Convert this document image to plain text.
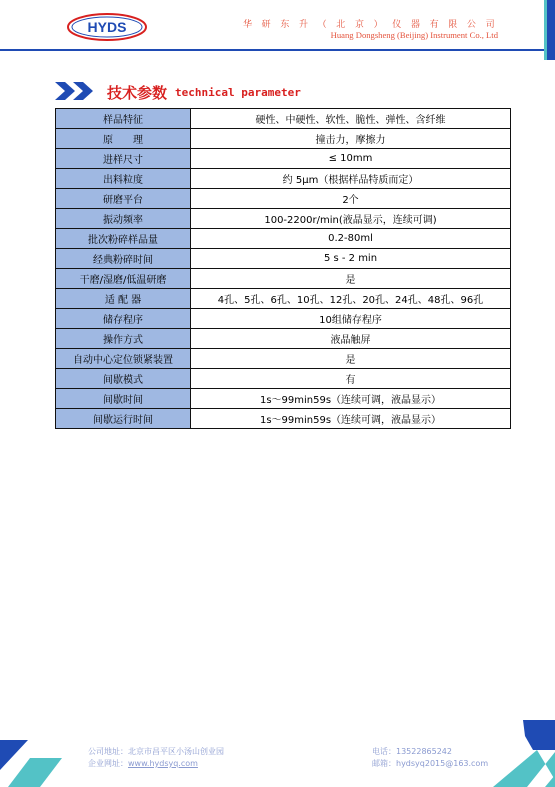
HYDS	华 研 东 升 （ 北 京 ） 仪 器 有 限 公 司
Huang Dongsheng (Beijing) Instrument Co., Ltd
技术参数 technical parameter
样品特征	硬性、中硬性、软性、脆性、弹性、含纤维
原　　理	撞击力，摩擦力
进样尺寸	≤ 10mm
出料粒度	约 5μm（根据样品特质而定）
研磨平台	2个
振动频率	100-2200r/min(液晶显示，连续可调)
批次粉碎样品量	0.2-80ml
经典粉碎时间	5 s - 2 min
干磨/湿磨/低温研磨	是
适 配 器	4孔、5孔、6孔、10孔、12孔、20孔、24孔、48孔、96孔
储存程序	10组储存程序
操作方式	液晶触屏
自动中心定位锁紧装置	是
间歇模式	有
间歇时间	1s～99min59s（连续可调，液晶显示）
间歇运行时间	1s～99min59s（连续可调，液晶显示）
公司地址：北京市昌平区小汤山创业园
企业网址：www.hydsyq.com
电话：13522865242
邮箱：hydsyq2015@163.com
